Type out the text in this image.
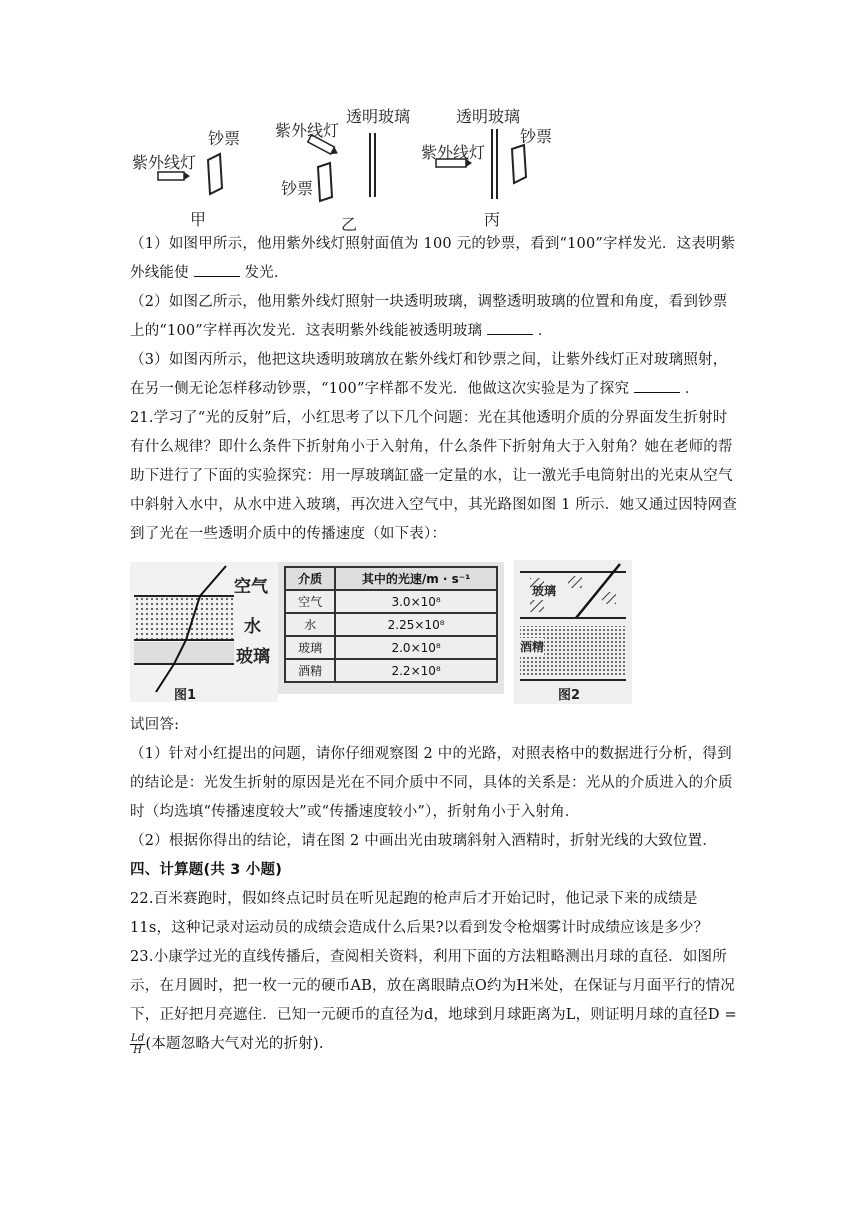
紫外线灯
钞票
甲
紫外线灯
透明玻璃
钞票
乙
透明玻璃
紫外线灯
钞票
丙

（1）如图甲所示，他用紫外线灯照射面值为 100 元的钞票，看到“100”字样发光．这表明紫外线能使	发光．

（2）如图乙所示，他用紫外线灯照射一块透明玻璃，调整透明玻璃的位置和角度，看到钞票上的“100”字样再次发光．这表明紫外线能被透明玻璃	．

（3）如图丙所示，他把这块透明玻璃放在紫外线灯和钞票之间，让紫外线灯正对玻璃照射，在另一侧无论怎样移动钞票，“100”字样都不发光．他做这次实验是为了探究	．

21.学习了“光的反射”后，小红思考了以下几个问题：光在其他透明介质的分界面发生折射时有什么规律？即什么条件下折射角小于入射角，什么条件下折射角大于入射角？她在老师的帮助下进行了下面的实验探究：用一厚玻璃缸盛一定量的水，让一激光手电筒射出的光束从空气中斜射入水中，从水中进入玻璃，再次进入空气中，其光路图如图 1 所示．她又通过因特网查到了光在一些透明介质中的传播速度（如下表）：

空气
水
玻璃
图1
介质	其中的光速/m · s⁻¹
空气	3.0×10⁸
水	2.25×10⁸
玻璃	2.0×10⁸
酒精	2.2×10⁸
玻璃
酒精
图2

试回答:

（1）针对小红提出的问题，请你仔细观察图 2 中的光路，对照表格中的数据进行分析，得到的结论是：光发生折射的原因是光在不同介质中不同，具体的关系是：光从的介质进入的介质时（均选填“传播速度较大”或“传播速度较小”），折射角小于入射角．

（2）根据你得出的结论，请在图 2 中画出光由玻璃斜射入酒精时，折射光线的大致位置．

四、计算题(共 3 小题)

22.百米赛跑时，假如终点记时员在听见起跑的枪声后才开始记时，他记录下来的成绩是 11s，这种记录对运动员的成绩会造成什么后果?以看到发令枪烟雾计时成绩应该是多少？

23.小康学过光的直线传播后，查阅相关资料，利用下面的方法粗略测出月球的直径．如图所示，在月圆时，把一枚一元的硬币AB，放在离眼睛点O约为H米处，在保证与月面平行的情况下，正好把月亮遮住．已知一元硬币的直径为d，地球到月球距离为L，则证明月球的直径D =
$\frac{Ld}{H}$ (本题忽略大气对光的折射).
